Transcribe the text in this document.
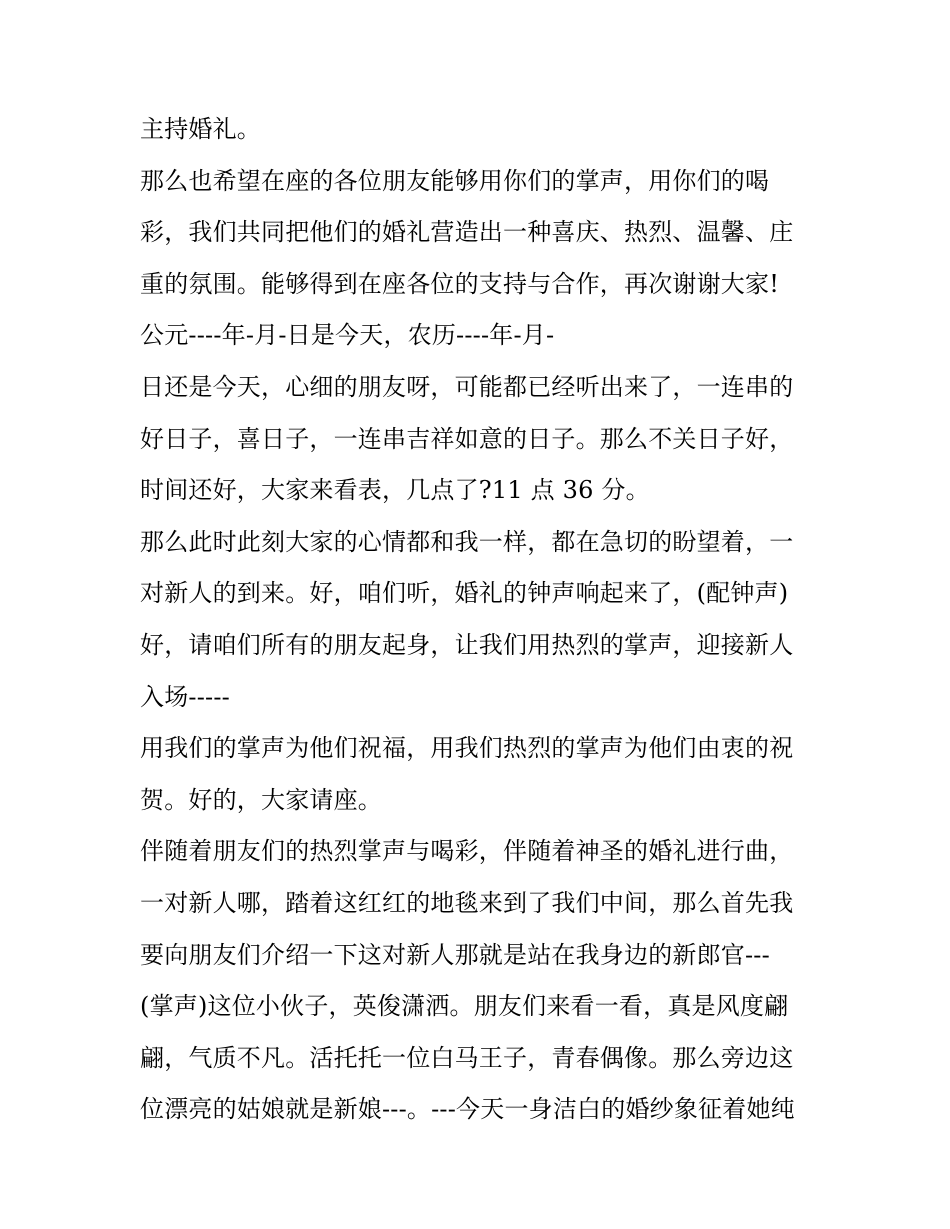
主持婚礼。
那么也希望在座的各位朋友能够用你们的掌声，用你们的喝
彩，我们共同把他们的婚礼营造出一种喜庆、热烈、温馨、庄
重的氛围。能够得到在座各位的支持与合作，再次谢谢大家!
公元----年-月-日是今天，农历----年-月-
日还是今天，心细的朋友呀，可能都已经听出来了，一连串的
好日子，喜日子，一连串吉祥如意的日子。那么不关日子好，
时间还好，大家来看表，几点了?11 点 36 分。
那么此时此刻大家的心情都和我一样，都在急切的盼望着，一
对新人的到来。好，咱们听，婚礼的钟声响起来了，(配钟声)
好，请咱们所有的朋友起身，让我们用热烈的掌声，迎接新人
入场-----
用我们的掌声为他们祝福，用我们热烈的掌声为他们由衷的祝
贺。好的，大家请座。
伴随着朋友们的热烈掌声与喝彩，伴随着神圣的婚礼进行曲，
一对新人哪，踏着这红红的地毯来到了我们中间，那么首先我
要向朋友们介绍一下这对新人那就是站在我身边的新郎官---
(掌声)这位小伙子，英俊潇洒。朋友们来看一看，真是风度翩
翩，气质不凡。活托托一位白马王子，青春偶像。那么旁边这
位漂亮的姑娘就是新娘---。---今天一身洁白的婚纱象征着她纯
